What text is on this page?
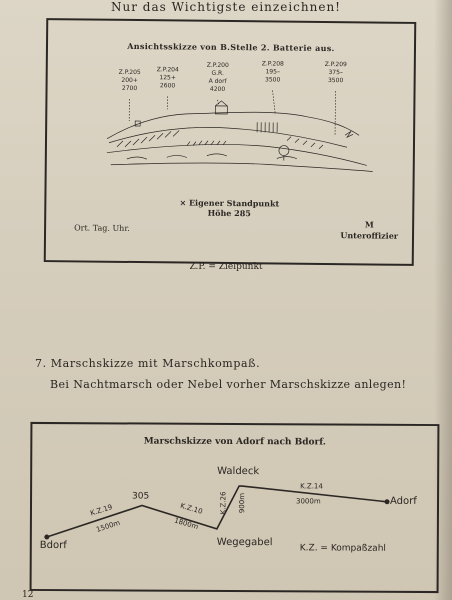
Nur das Wichtigste einzeichnen!
Ansichtsskizze von B.Stelle 2. Batterie aus.
Z.P.205
200+
2700
Z.P.204
125+
2600
Z.P.200
G.R.
A dorf
4200
Z.P.208
195–
3500
Z.P.209
375–
3500
× Eigener Standpunkt
Höhe 285
Ort. Tag. Uhr.	M
Unteroffizier
Z.P. = Zielpunkt
7. Marschskizze mit Marschkompaß.
Bei Nachtmarsch oder Nebel vorher Marschskizze anlegen!
Marschskizze von Adorf nach Bdorf.
Bdorf
305
Waldeck
Wegegabel
Adorf
K.Z.19
1500m
K.Z.10
1800m
K.Z.26 900m
K.Z.14
3000m
K.Z. = Kompaßzahl
12
